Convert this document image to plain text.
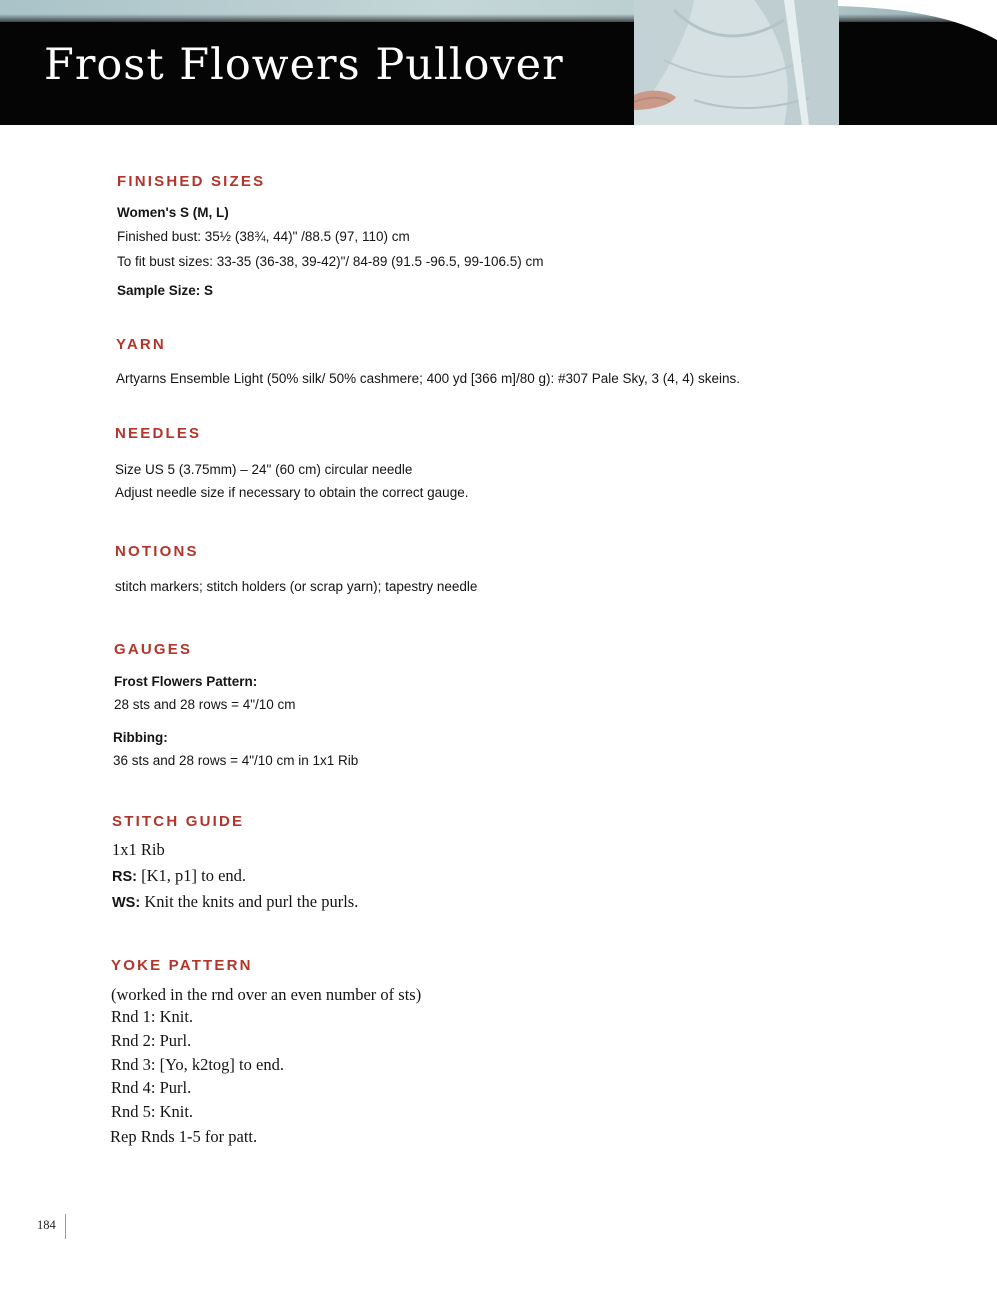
Frost Flowers Pullover
FINISHED SIZES

Women's S (M, L)

Finished bust: 35½ (38¾, 44)" /88.5 (97, 110) cm

To fit bust sizes: 33-35 (36-38, 39-42)"/ 84-89 (91.5 -96.5, 99-106.5) cm

Sample Size: S

YARN

Artyarns Ensemble Light (50% silk/ 50% cashmere; 400 yd [366 m]/80 g): #307 Pale Sky, 3 (4, 4) skeins.

NEEDLES

Size US 5 (3.75mm) – 24" (60 cm) circular needle

Adjust needle size if necessary to obtain the correct gauge.

NOTIONS

stitch markers; stitch holders (or scrap yarn); tapestry needle

GAUGES

Frost Flowers Pattern:

28 sts and 28 rows = 4"/10 cm

Ribbing:

36 sts and 28 rows = 4"/10 cm in 1x1 Rib

STITCH GUIDE

1x1 Rib

RS: [K1, p1] to end.

WS: Knit the knits and purl the purls.

YOKE PATTERN

(worked in the rnd over an even number of sts)

Rnd 1: Knit.

Rnd 2: Purl.

Rnd 3: [Yo, k2tog] to end.

Rnd 4: Purl.

Rnd 5: Knit.

Rep Rnds 1-5 for patt.

184
